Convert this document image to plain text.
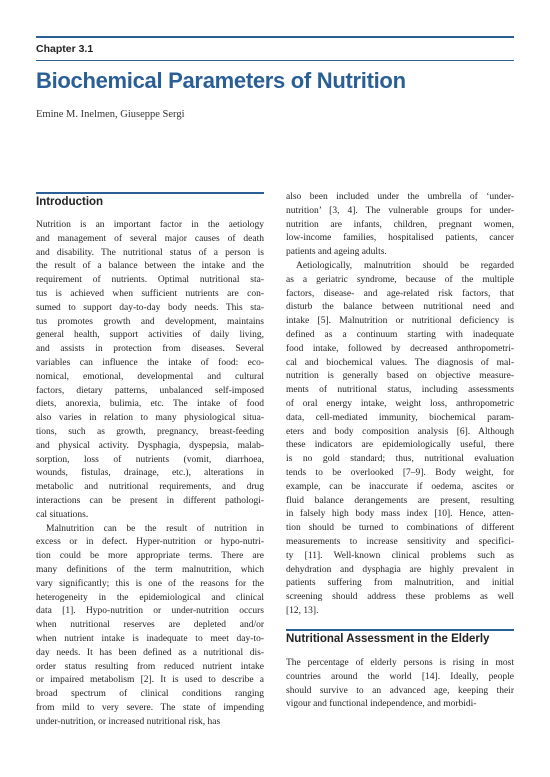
Chapter 3.1
Biochemical Parameters of Nutrition
Emine M. Inelmen, Giuseppe Sergi
Introduction
Nutrition is an important factor in the aetiology
and management of several major causes of death
and disability. The nutritional status of a person is
the result of a balance between the intake and the
requirement of nutrients. Optimal nutritional sta-
tus is achieved when sufficient nutrients are con-
sumed to support day-to-day body needs. This sta-
tus promotes growth and development, maintains
general health, support activities of daily living,
and assists in protection from diseases. Several
variables can influence the intake of food: eco-
nomical, emotional, developmental and cultural
factors, dietary patterns, unbalanced self-imposed
diets, anorexia, bulimia, etc. The intake of food
also varies in relation to many physiological situa-
tions, such as growth, pregnancy, breast-feeding
and physical activity. Dysphagia, dyspepsia, malab-
sorption, loss of nutrients (vomit, diarrhoea,
wounds, fistulas, drainage, etc.), alterations in
metabolic and nutritional requirements, and drug
interactions can be present in different pathologi-
cal situations.
Malnutrition can be the result of nutrition in
excess or in defect. Hyper-nutrition or hypo-nutri-
tion could be more appropriate terms. There are
many definitions of the term malnutrition, which
vary significantly; this is one of the reasons for the
heterogeneity in the epidemiological and clinical
data [1]. Hypo-nutrition or under-nutrition occurs
when nutritional reserves are depleted and/or
when nutrient intake is inadequate to meet day-to-
day needs. It has been defined as a nutritional dis-
order status resulting from reduced nutrient intake
or impaired metabolism [2]. It is used to describe a
broad spectrum of clinical conditions ranging
from mild to very severe. The state of impending
under-nutrition, or increased nutritional risk, has
also been included under the umbrella of ‘under-
nutrition’ [3, 4]. The vulnerable groups for under-
nutrition are infants, children, pregnant women,
low-income families, hospitalised patients, cancer
patients and ageing adults.
Aetiologically, malnutrition should be regarded
as a geriatric syndrome, because of the multiple
factors, disease- and age-related risk factors, that
disturb the balance between nutritional need and
intake [5]. Malnutrition or nutritional deficiency is
defined as a continuum starting with inadequate
food intake, followed by decreased anthropometri-
cal and biochemical values. The diagnosis of mal-
nutrition is generally based on objective measure-
ments of nutritional status, including assessments
of oral energy intake, weight loss, anthropometric
data, cell-mediated immunity, biochemical param-
eters and body composition analysis [6]. Although
these indicators are epidemiologically useful, there
is no gold standard; thus, nutritional evaluation
tends to be overlooked [7–9]. Body weight, for
example, can be inaccurate if oedema, ascites or
fluid balance derangements are present, resulting
in falsely high body mass index [10]. Hence, atten-
tion should be turned to combinations of different
measurements to increase sensitivity and specifici-
ty [11]. Well-known clinical problems such as
dehydration and dysphagia are highly prevalent in
patients suffering from malnutrition, and initial
screening should address these problems as well
[12, 13].
Nutritional Assessment in the Elderly
The percentage of elderly persons is rising in most
countries around the world [14]. Ideally, people
should survive to an advanced age, keeping their
vigour and functional independence, and morbidi-
